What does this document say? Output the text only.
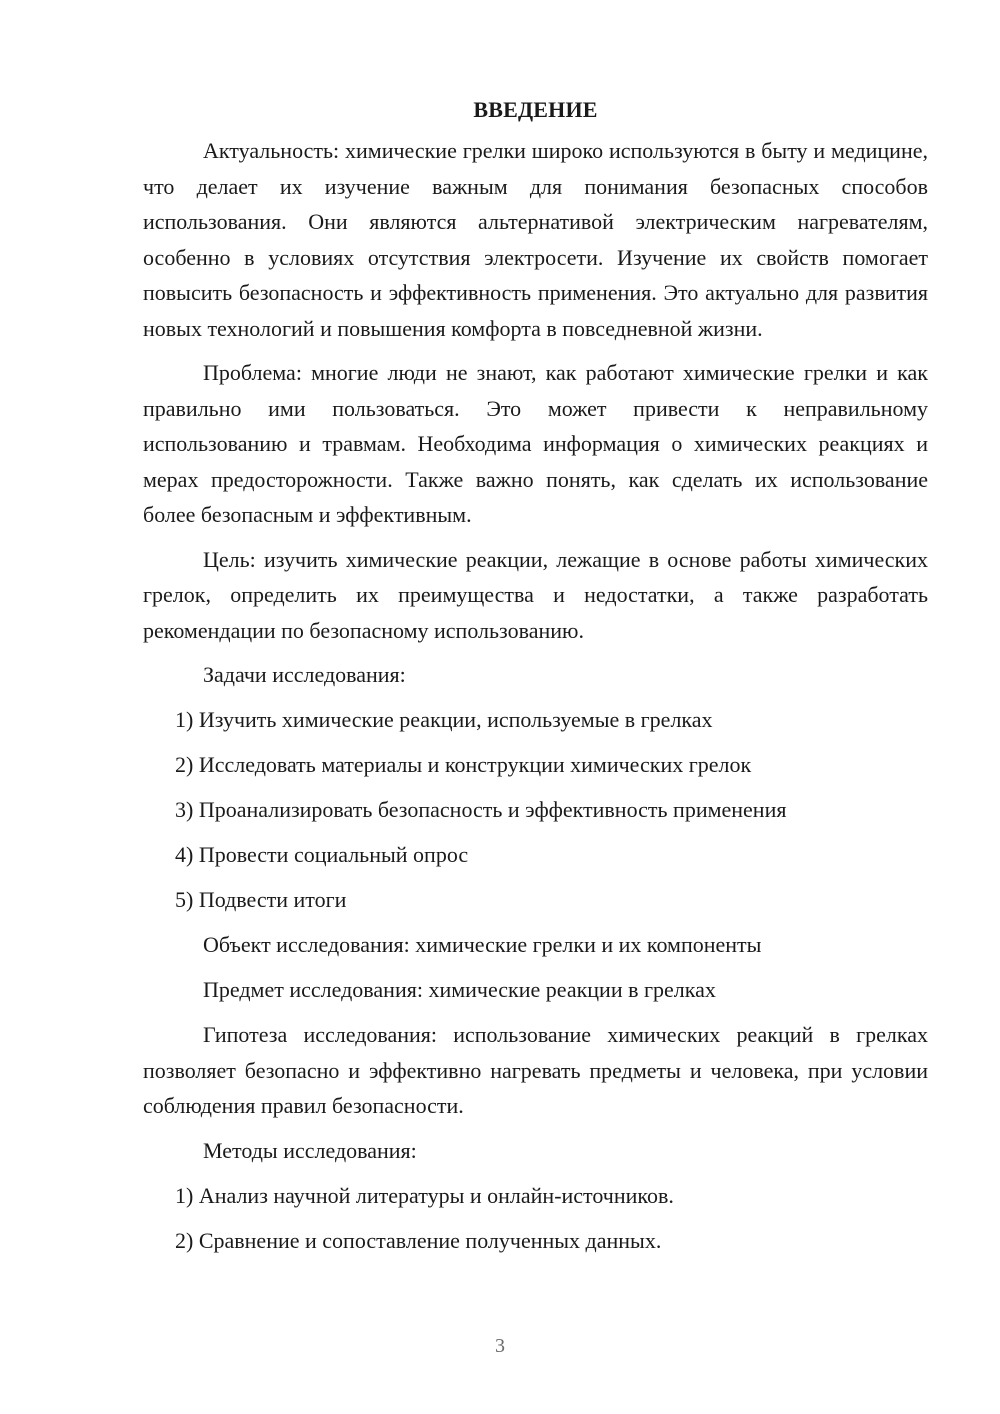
ВВЕДЕНИЕ

Актуальность: химические грелки широко используются в быту и медицине, что делает их изучение важным для понимания безопасных способов использования. Они являются альтернативой электрическим нагревателям, особенно в условиях отсутствия электросети. Изучение их свойств помогает повысить безопасность и эффективность применения. Это актуально для развития новых технологий и повышения комфорта в повседневной жизни.

Проблема: многие люди не знают, как работают химические грелки и как правильно ими пользоваться. Это может привести к неправильному использованию и травмам. Необходима информация о химических реакциях и мерах предосторожности. Также важно понять, как сделать их использование более безопасным и эффективным.

Цель: изучить химические реакции, лежащие в основе работы химических грелок, определить их преимущества и недостатки, а также разработать рекомендации по безопасному использованию.

Задачи исследования:
1) Изучить химические реакции, используемые в грелках
2) Исследовать материалы и конструкции химических грелок
3) Проанализировать безопасность и эффективность применения
4) Провести социальный опрос
5) Подвести итоги
Объект исследования: химические грелки и их компоненты
Предмет исследования: химические реакции в грелках

Гипотеза исследования: использование химических реакций в грелках позволяет безопасно и эффективно нагревать предметы и человека, при условии соблюдения правил безопасности.

Методы исследования:
1) Анализ научной литературы и онлайн-источников.
2) Сравнение и сопоставление полученных данных.
3
